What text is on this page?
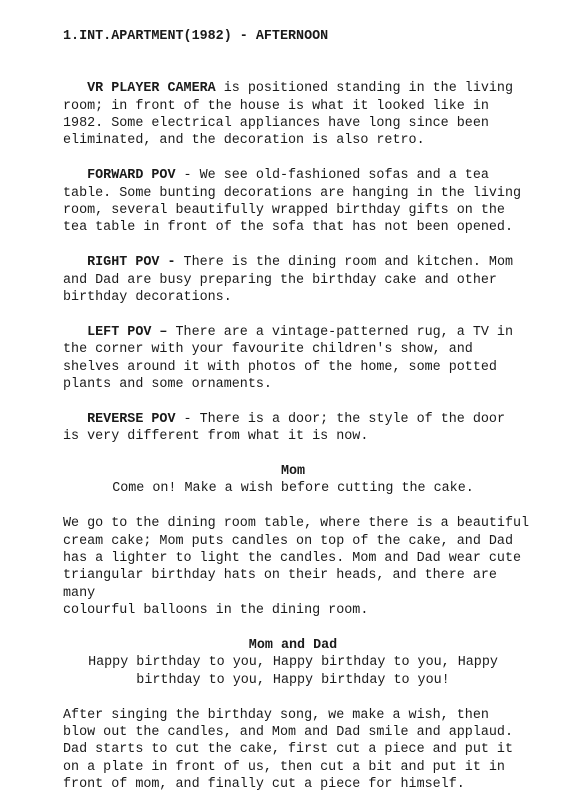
1.INT.APARTMENT(1982) - AFTERNOON

VR PLAYER CAMERA is positioned standing in the living
room; in front of the house is what it looked like in
1982. Some electrical appliances have long since been
eliminated, and the decoration is also retro.
FORWARD POV - We see old-fashioned sofas and a tea
table. Some bunting decorations are hanging in the living
room, several beautifully wrapped birthday gifts on the
tea table in front of the sofa that has not been opened.
RIGHT POV - There is the dining room and kitchen. Mom
and Dad are busy preparing the birthday cake and other
birthday decorations.
LEFT POV – There are a vintage-patterned rug, a TV in
the corner with your favourite children's show, and
shelves around it with photos of the home, some potted
plants and some ornaments.
REVERSE POV - There is a door; the style of the door
is very different from what it is now.

Mom

Come on! Make a wish before cutting the cake.

We go to the dining room table, where there is a beautiful
cream cake; Mom puts candles on top of the cake, and Dad
has a lighter to light the candles. Mom and Dad wear cute
triangular birthday hats on their heads, and there are many
colourful balloons in the dining room.

Mom and Dad

Happy birthday to you, Happy birthday to you, Happy

birthday to you, Happy birthday to you!

After singing the birthday song, we make a wish, then
blow out the candles, and Mom and Dad smile and applaud.
Dad starts to cut the cake, first cut a piece and put it
on a plate in front of us, then cut a bit and put it in
front of mom, and finally cut a piece for himself.
